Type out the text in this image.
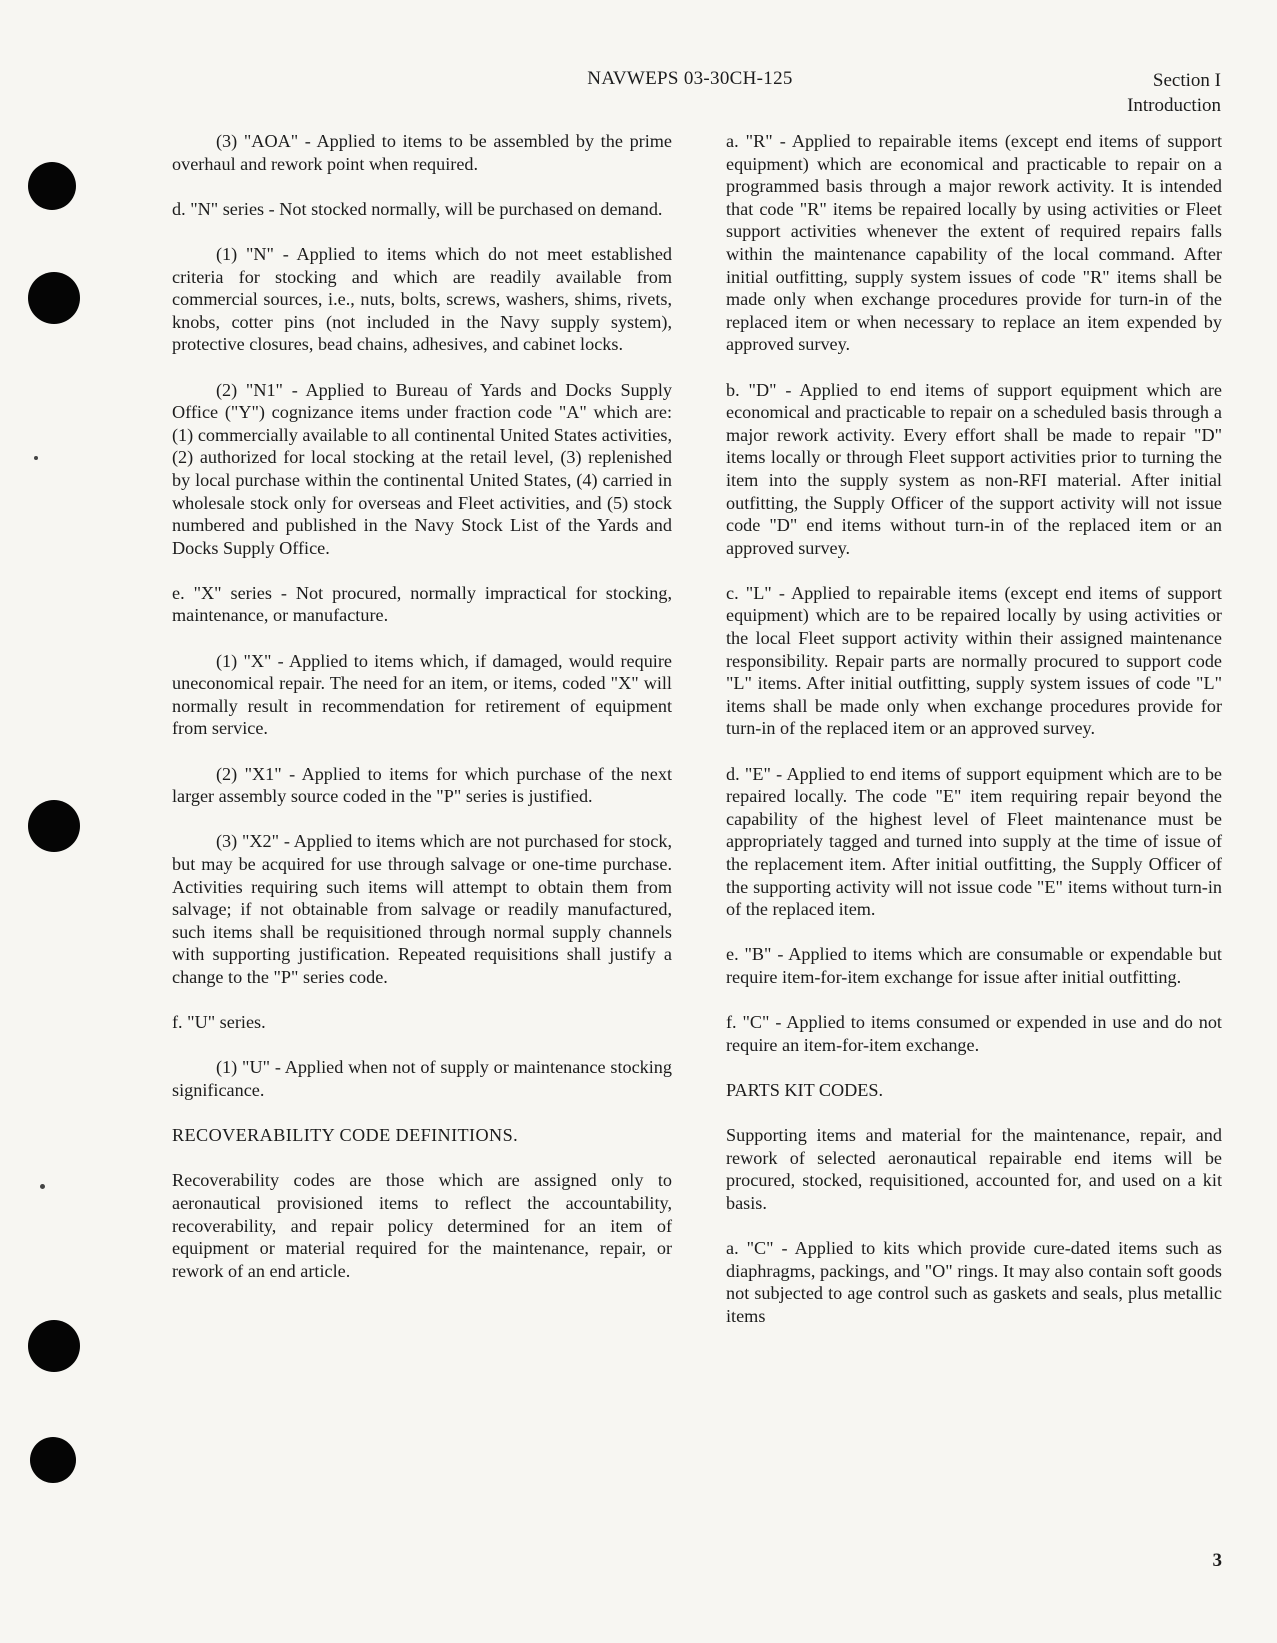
NAVWEPS 03-30CH-125	Section I
Introduction

(3) "AOA" - Applied to items to be assembled by the prime overhaul and rework point when required.

d. "N" series - Not stocked normally, will be purchased on demand.

(1) "N" - Applied to items which do not meet established criteria for stocking and which are readily available from commercial sources, i.e., nuts, bolts, screws, washers, shims, rivets, knobs, cotter pins (not included in the Navy supply system), protective closures, bead chains, adhesives, and cabinet locks.

(2) "N1" - Applied to Bureau of Yards and Docks Supply Office ("Y") cognizance items under fraction code "A" which are: (1) commercially available to all continental United States activities, (2) authorized for local stocking at the retail level, (3) replenished by local purchase within the continental United States, (4) carried in wholesale stock only for overseas and Fleet activities, and (5) stock numbered and published in the Navy Stock List of the Yards and Docks Supply Office.

e. "X" series - Not procured, normally impractical for stocking, maintenance, or manufacture.

(1) "X" - Applied to items which, if damaged, would require uneconomical repair. The need for an item, or items, coded "X" will normally result in recommendation for retirement of equipment from service.

(2) "X1" - Applied to items for which purchase of the next larger assembly source coded in the "P" series is justified.

(3) "X2" - Applied to items which are not purchased for stock, but may be acquired for use through salvage or one-time purchase. Activities requiring such items will attempt to obtain them from salvage; if not obtainable from salvage or readily manufactured, such items shall be requisitioned through normal supply channels with supporting justification. Repeated requisitions shall justify a change to the "P" series code.

f. "U" series.

(1) "U" - Applied when not of supply or maintenance stocking significance.

RECOVERABILITY CODE DEFINITIONS.

Recoverability codes are those which are assigned only to aeronautical provisioned items to reflect the accountability, recoverability, and repair policy determined for an item of equipment or material required for the maintenance, repair, or rework of an end article.

a. "R" - Applied to repairable items (except end items of support equipment) which are economical and practicable to repair on a programmed basis through a major rework activity. It is intended that code "R" items be repaired locally by using activities or Fleet support activities whenever the extent of required repairs falls within the maintenance capability of the local command. After initial outfitting, supply system issues of code "R" items shall be made only when exchange procedures provide for turn-in of the replaced item or when necessary to replace an item expended by approved survey.

b. "D" - Applied to end items of support equipment which are economical and practicable to repair on a scheduled basis through a major rework activity. Every effort shall be made to repair "D" items locally or through Fleet support activities prior to turning the item into the supply system as non-RFI material. After initial outfitting, the Supply Officer of the support activity will not issue code "D" end items without turn-in of the replaced item or an approved survey.

c. "L" - Applied to repairable items (except end items of support equipment) which are to be repaired locally by using activities or the local Fleet support activity within their assigned maintenance responsibility. Repair parts are normally procured to support code "L" items. After initial outfitting, supply system issues of code "L" items shall be made only when exchange procedures provide for turn-in of the replaced item or an approved survey.

d. "E" - Applied to end items of support equipment which are to be repaired locally. The code "E" item requiring repair beyond the capability of the highest level of Fleet maintenance must be appropriately tagged and turned into supply at the time of issue of the replacement item. After initial outfitting, the Supply Officer of the supporting activity will not issue code "E" items without turn-in of the replaced item.

e. "B" - Applied to items which are consumable or expendable but require item-for-item exchange for issue after initial outfitting.

f. "C" - Applied to items consumed or expended in use and do not require an item-for-item exchange.

PARTS KIT CODES.

Supporting items and material for the maintenance, repair, and rework of selected aeronautical repairable end items will be procured, stocked, requisitioned, accounted for, and used on a kit basis.

a. "C" - Applied to kits which provide cure-dated items such as diaphragms, packings, and "O" rings. It may also contain soft goods not subjected to age control such as gaskets and seals, plus metallic items

3
